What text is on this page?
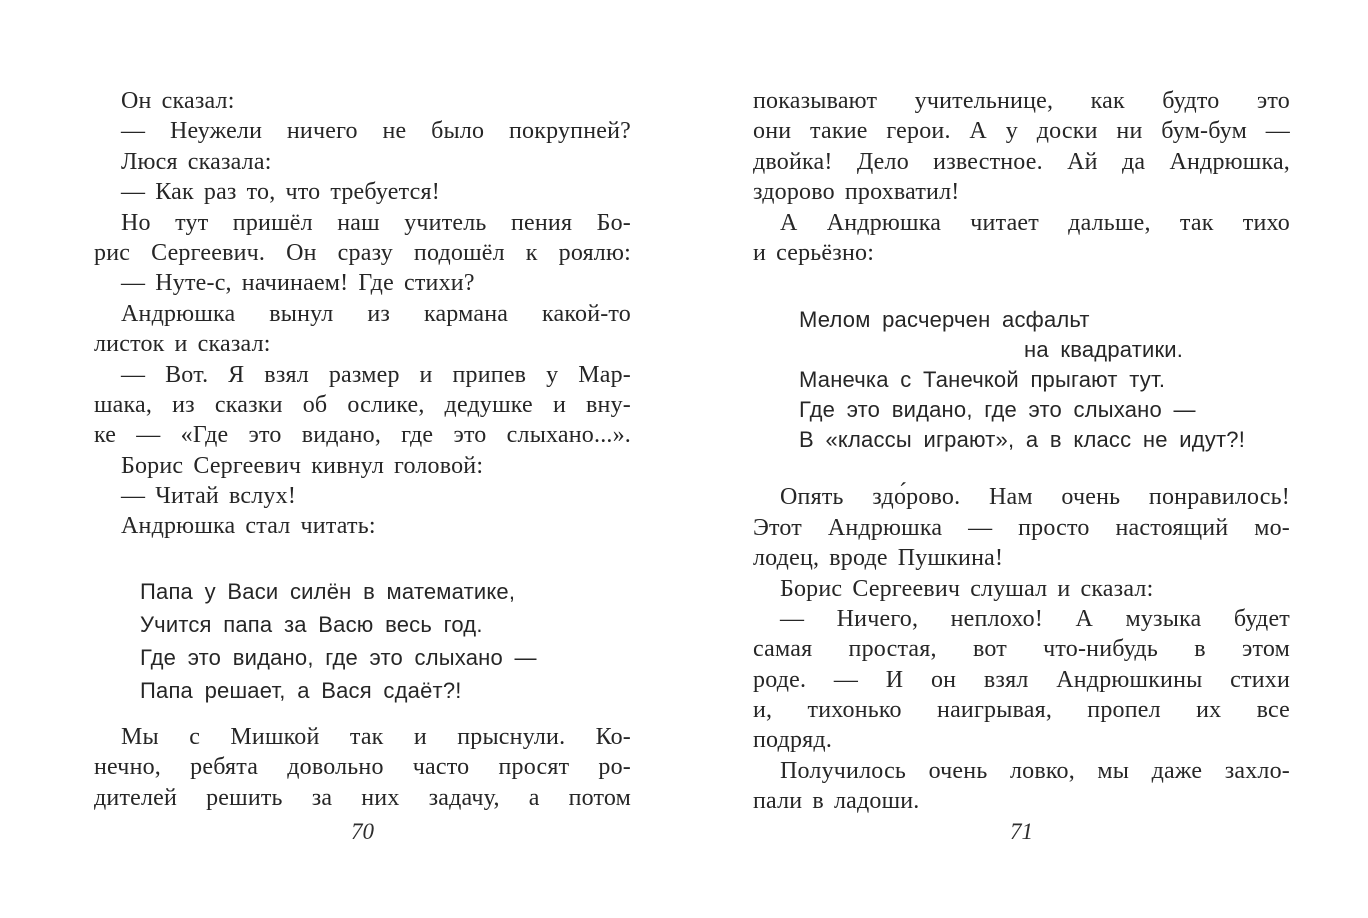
Он сказал:
— Неужели ничего не было покрупней?
Люся сказала:
— Как раз то, что требуется!
Но тут пришёл наш учитель пения Бо-
рис Сергеевич. Он сразу подошёл к роялю:
— Нуте-с, начинаем! Где стихи?
Андрюшка вынул из кармана какой-то
листок и сказал:
— Вот. Я взял размер и припев у Мар-
шака, из сказки об ослике, дедушке и вну-
ке — «Где это видано, где это слыхано...».
Борис Сергеевич кивнул головой:
— Читай вслух!
Андрюшка стал читать:
Папа у Васи силён в математике,
Учится папа за Васю весь год.
Где это видано, где это слыхано —
Папа решает, а Вася сдаёт?!
Мы с Мишкой так и прыснули. Ко-
нечно, ребята довольно часто просят ро-
дителей решить за них задачу, а потом
70
показывают учительнице, как будто это
они такие герои. А у доски ни бум-бум —
двойка! Дело известное. Ай да Андрюшка,
здорово прохватил!
А Андрюшка читает дальше, так тихо
и серьёзно:
Мелом расчерчен асфальт
на квадратики.
Манечка с Танечкой прыгают тут.
Где это видано, где это слыхано —
В «классы играют», а в класс не идут?!
Опять здо́рово. Нам очень понравилось!
Этот Андрюшка — просто настоящий мо-
лодец, вроде Пушкина!
Борис Сергеевич слушал и сказал:
— Ничего, неплохо! А музыка будет
самая простая, вот что-нибудь в этом
роде. — И он взял Андрюшкины стихи
и, тихонько наигрывая, пропел их все
подряд.
Получилось очень ловко, мы даже захло-
пали в ладоши.
71
